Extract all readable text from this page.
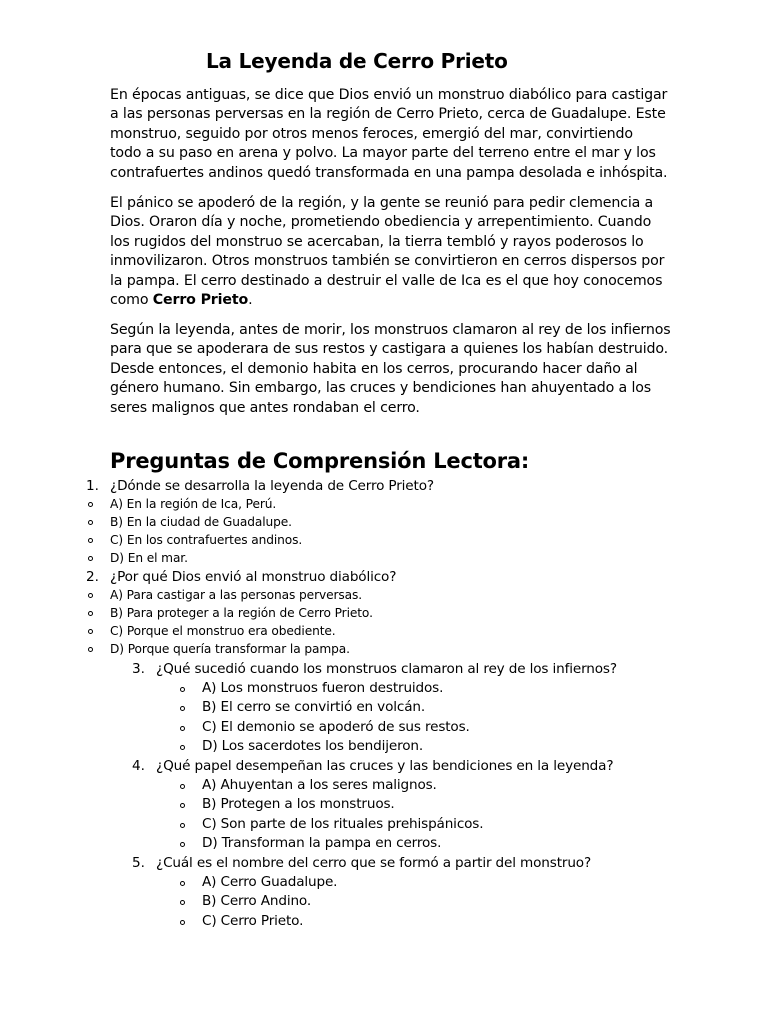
La Leyenda de Cerro Prieto

En épocas antiguas, se dice que Dios envió un monstruo diabólico para castigar
a las personas perversas en la región de Cerro Prieto, cerca de Guadalupe. Este
monstruo, seguido por otros menos feroces, emergió del mar, convirtiendo
todo a su paso en arena y polvo. La mayor parte del terreno entre el mar y los
contrafuertes andinos quedó transformada en una pampa desolada e inhóspita.

El pánico se apoderó de la región, y la gente se reunió para pedir clemencia a
Dios. Oraron día y noche, prometiendo obediencia y arrepentimiento. Cuando
los rugidos del monstruo se acercaban, la tierra tembló y rayos poderosos lo
inmovilizaron. Otros monstruos también se convirtieron en cerros dispersos por
la pampa. El cerro destinado a destruir el valle de Ica es el que hoy conocemos
como Cerro Prieto.

Según la leyenda, antes de morir, los monstruos clamaron al rey de los infiernos
para que se apoderara de sus restos y castigara a quienes los habían destruido.
Desde entonces, el demonio habita en los cerros, procurando hacer daño al
género humano. Sin embargo, las cruces y bendiciones han ahuyentado a los
seres malignos que antes rondaban el cerro.

Preguntas de Comprensión Lectora:
1. ¿Dónde se desarrolla la leyenda de Cerro Prieto?
A) En la región de Ica, Perú.
B) En la ciudad de Guadalupe.
C) En los contrafuertes andinos.
D) En el mar.
2. ¿Por qué Dios envió al monstruo diabólico?
A) Para castigar a las personas perversas.
B) Para proteger a la región de Cerro Prieto.
C) Porque el monstruo era obediente.
D) Porque quería transformar la pampa.
3. ¿Qué sucedió cuando los monstruos clamaron al rey de los infiernos?
A) Los monstruos fueron destruidos.
B) El cerro se convirtió en volcán.
C) El demonio se apoderó de sus restos.
D) Los sacerdotes los bendijeron.
4. ¿Qué papel desempeñan las cruces y las bendiciones en la leyenda?
A) Ahuyentan a los seres malignos.
B) Protegen a los monstruos.
C) Son parte de los rituales prehispánicos.
D) Transforman la pampa en cerros.
5. ¿Cuál es el nombre del cerro que se formó a partir del monstruo?
A) Cerro Guadalupe.
B) Cerro Andino.
C) Cerro Prieto.
